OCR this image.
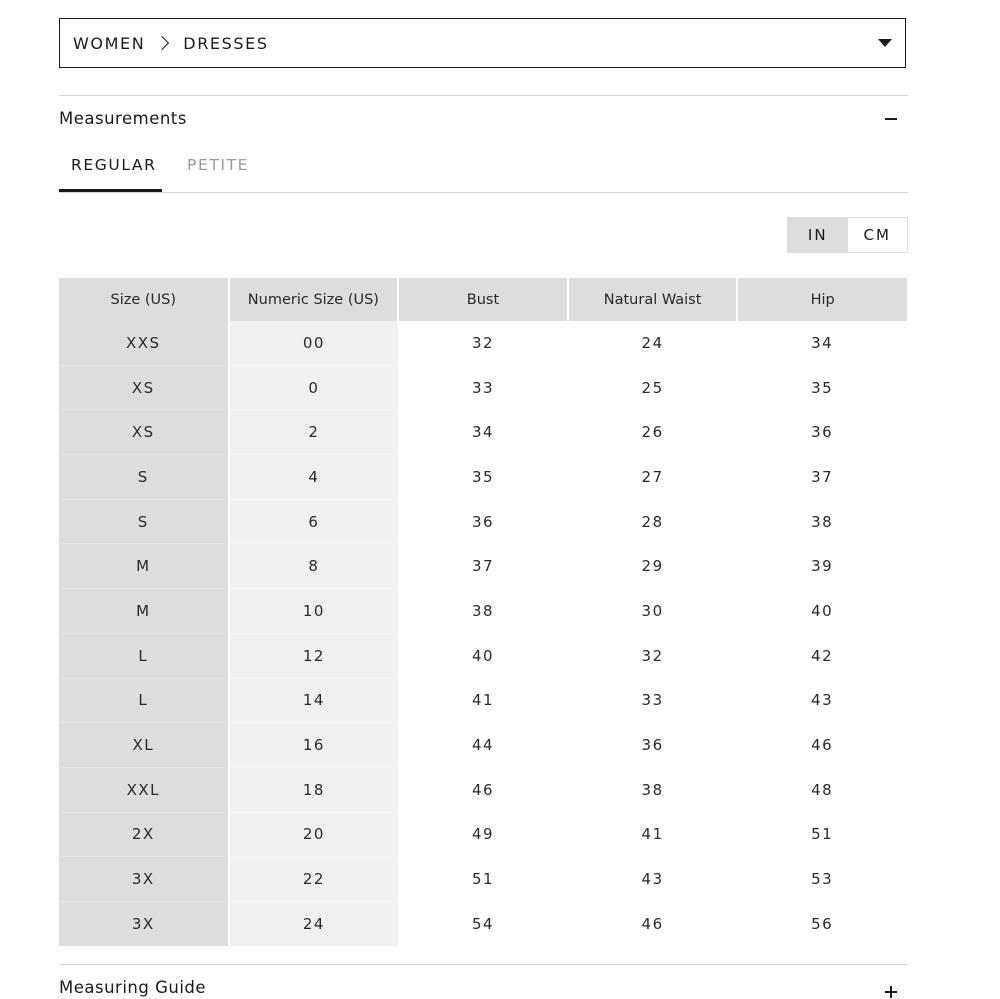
WOMEN DRESSES
Measurements
REGULAR	PETITE
IN	CM
Size (US)	Numeric Size (US)	Bust	Natural Waist	Hip
XXS	00	32	24	34
XS	0	33	25	35
XS	2	34	26	36
S	4	35	27	37
S	6	36	28	38
M	8	37	29	39
M	10	38	30	40
L	12	40	32	42
L	14	41	33	43
XL	16	44	36	46
XXL	18	46	38	48
2X	20	49	41	51
3X	22	51	43	53
3X	24	54	46	56
Measuring Guide
